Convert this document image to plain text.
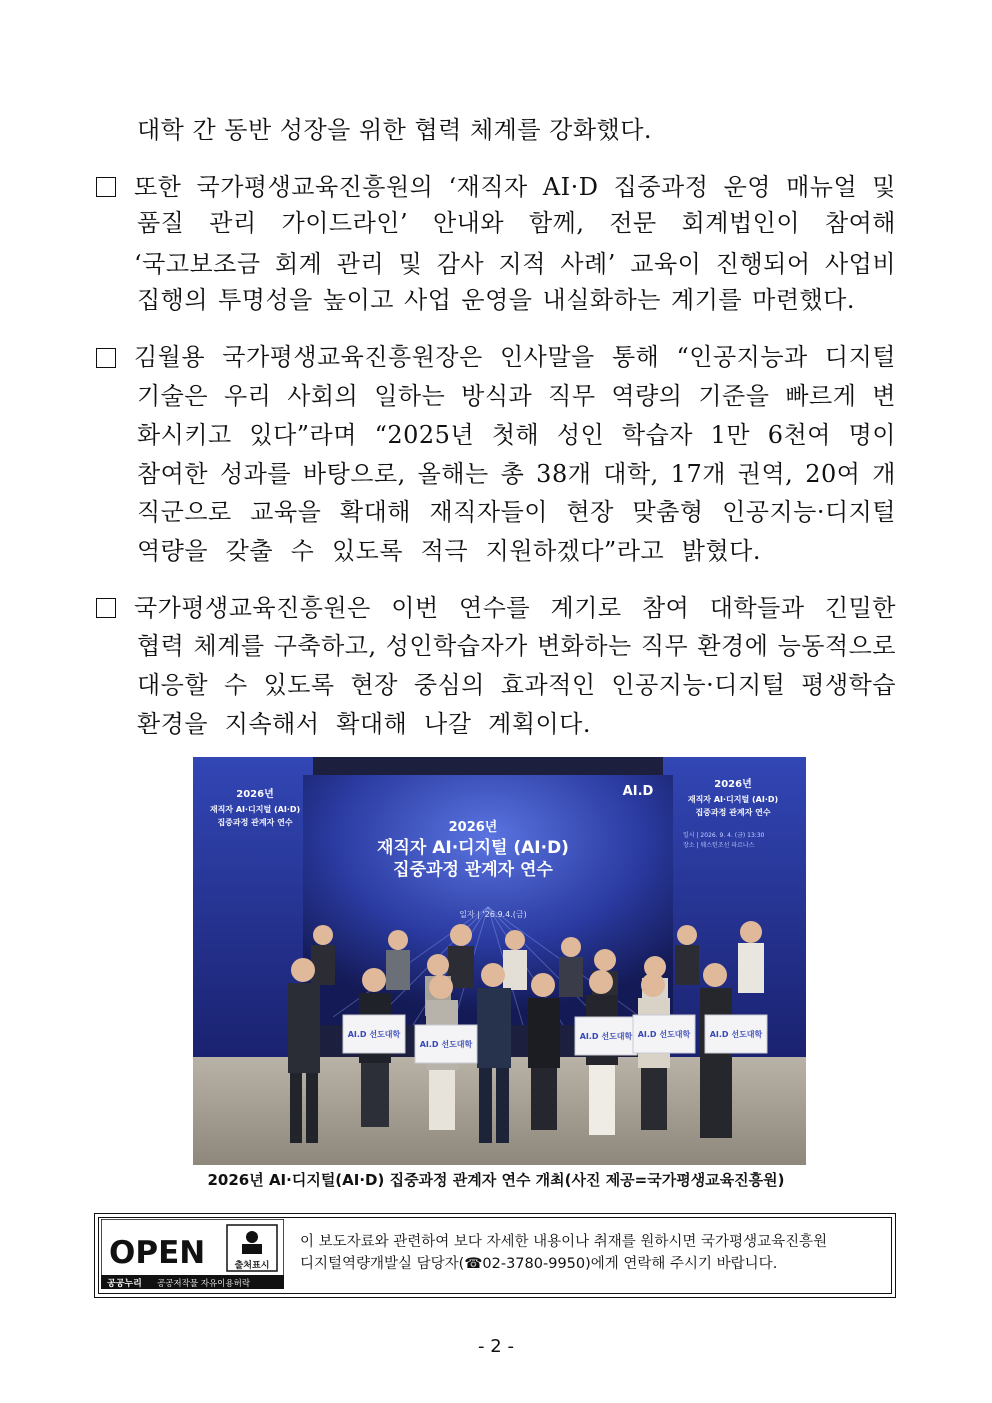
대학 간 동반 성장을 위한 협력 체계를 강화했다.
또한 국가평생교육진흥원의 ‘재직자 AI·D 집중과정 운영 매뉴얼 및
품질 관리 가이드라인’ 안내와 함께, 전문 회계법인이 참여해
‘국고보조금 회계 관리 및 감사 지적 사례’ 교육이 진행되어 사업비
집행의 투명성을 높이고 사업 운영을 내실화하는 계기를 마련했다.
김월용 국가평생교육진흥원장은 인사말을 통해 “인공지능과 디지털
기술은 우리 사회의 일하는 방식과 직무 역량의 기준을 빠르게 변
화시키고 있다”라며 “2025년 첫해 성인 학습자 1만 6천여 명이
참여한 성과를 바탕으로, 올해는 총 38개 대학, 17개 권역, 20여 개
직군으로 교육을 확대해 재직자들이 현장 맞춤형 인공지능·디지털
역량을 갖출 수 있도록 적극 지원하겠다”라고 밝혔다.
국가평생교육진흥원은 이번 연수를 계기로 참여 대학들과 긴밀한
협력 체계를 구축하고, 성인학습자가 변화하는 직무 환경에 능동적으로
대응할 수 있도록 현장 중심의 효과적인 인공지능·디지털 평생학습
환경을 지속해서 확대해 나갈 계획이다.
AI.D
2026년
재직자 AI·디지털 (AI·D)
집중과정 관계자 연수
일자 | '26.9.4.(금)
2026년
재직자 AI·디지털 (AI·D)
집중과정 관계자 연수
2026년
재직자 AI·디지털 (AI·D)
집중과정 관계자 연수
일시 | 2026. 9. 4. (금) 13:30
장소 | 웨스턴조선 파르나스
AI.D 선도대학
AI.D 선도대학
AI.D 선도대학 AI.D 선도대학 AI.D 선도대학
2026년 AI·디지털(AI·D) 집중과정 관계자 연수 개최(사진 제공=국가평생교육진흥원)
OPEN	출처표시
공공누리 공공저작물 자유이용허락
이 보도자료와 관련하여 보다 자세한 내용이나 취재를 원하시면 국가평생교육진흥원
디지털역량개발실 담당자(☎02-3780-9950)에게 연락해 주시기 바랍니다.
- 2 -
